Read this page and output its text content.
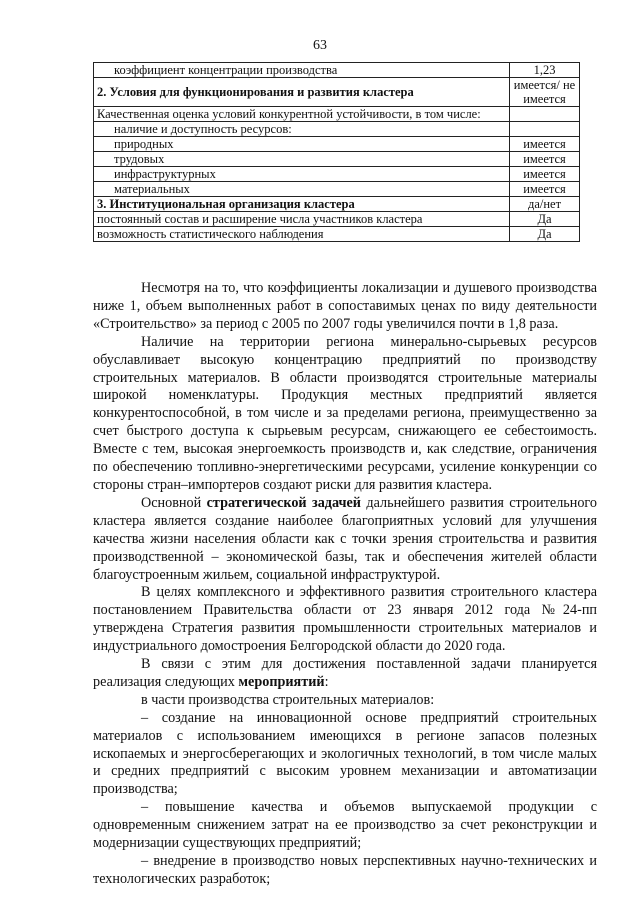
63
коэффициент концентрации производства	1,23
2. Условия для функционирования и развития кластера	имеется/ не имеется
Качественная оценка условий конкурентной устойчивости, в том числе:	
наличие и доступность ресурсов:	
природных	имеется
трудовых	имеется
инфраструктурных	имеется
материальных	имеется
3. Институциональная организация кластера	да/нет
постоянный состав и расширение числа участников кластера	Да
возможность статистического наблюдения	Да

Несмотря на то, что коэффициенты локализации и душевого производства ниже 1, объем выполненных работ в сопоставимых ценах по виду деятельности «Строительство» за период с 2005 по 2007 годы увеличился почти в 1,8 раза.

Наличие на территории региона минерально-сырьевых ресурсов обуславливает высокую концентрацию предприятий по производству строительных материалов. В области производятся строительные материалы широкой номенклатуры. Продукция местных предприятий является конкурентоспособной, в том числе и за пределами региона, преимущественно за счет быстрого доступа к сырьевым ресурсам, снижающего ее себестоимость. Вместе с тем, высокая энергоемкость производств и, как следствие, ограничения по обеспечению топливно-энергетическими ресурсами, усиление конкуренции со стороны стран–импортеров создают риски для развития кластера.

Основной стратегической задачей дальнейшего развития строительного кластера является создание наиболее благоприятных условий для улучшения качества жизни населения области как с точки зрения строительства и развития производственной – экономической базы, так и обеспечения жителей области благоустроенным жильем, социальной инфраструктурой.

В целях комплексного и эффективного развития строительного кластера постановлением Правительства области от 23 января 2012 года №24-пп утверждена Стратегия развития промышленности строительных материалов и индустриального домостроения Белгородской области до 2020 года.

В связи с этим для достижения поставленной задачи планируется реализация следующих мероприятий:

в части производства строительных материалов:

– создание на инновационной основе предприятий строительных материалов с использованием имеющихся в регионе запасов полезных ископаемых и энергосберегающих и экологичных технологий, в том числе малых и средних предприятий с высоким уровнем механизации и автоматизации производства;

– повышение качества и объемов выпускаемой продукции с одновременным снижением затрат на ее производство за счет реконструкции и модернизации существующих предприятий;

– внедрение в производство новых перспективных научно-технических и технологических разработок;
